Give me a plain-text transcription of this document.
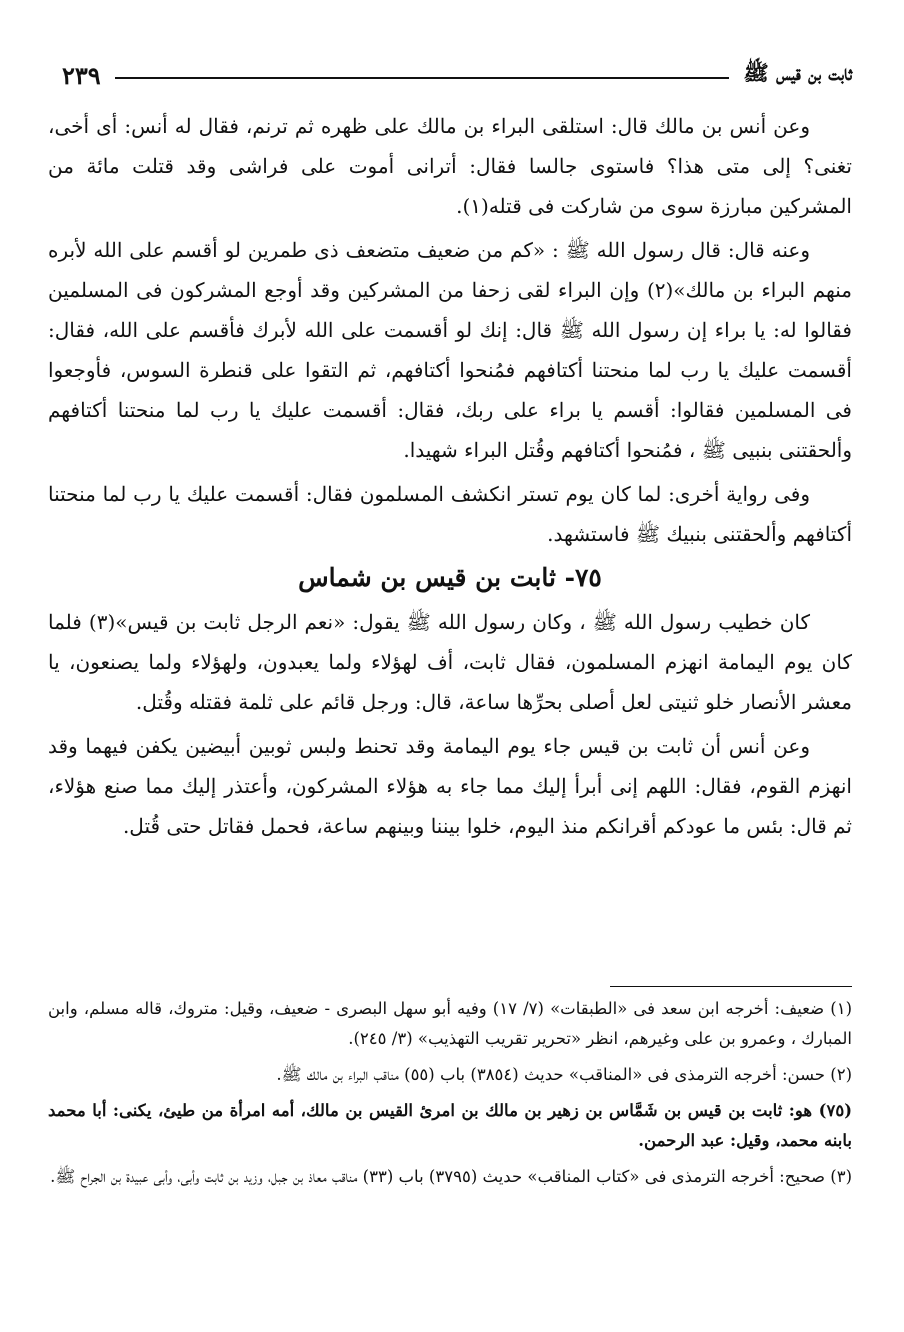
٢٣٩	ثابت بن قيس ﷺ

وعن أنس بن مالك قال: استلقى البراء بن مالك على ظهره ثم ترنم، فقال له أنس: أى أخى، تغنى؟ إلى متى هذا؟ فاستوى جالسا فقال: أترانى أموت على فراشى وقد قتلت مائة من المشركين مبارزة سوى من شاركت فى قتله(١).

وعنه قال: قال رسول الله ﷺ : «كم من ضعيف متضعف ذى طمرين لو أقسم على الله لأبره منهم البراء بن مالك»(٢) وإن البراء لقى زحفا من المشركين وقد أوجع المشركون فى المسلمين فقالوا له: يا براء إن رسول الله ﷺ قال: إنك لو أقسمت على الله لأبرك فأقسم على الله، فقال: أقسمت عليك يا رب لما منحتنا أكتافهم فمُنحوا أكتافهم، ثم التقوا على قنطرة السوس، فأوجعوا فى المسلمين فقالوا: أقسم يا براء على ربك، فقال: أقسمت عليك يا رب لما منحتنا أكتافهم وألحقتنى بنبيى ﷺ ، فمُنحوا أكتافهم وقُتل البراء شهيدا.

وفى رواية أخرى: لما كان يوم تستر انكشف المسلمون فقال: أقسمت عليك يا رب لما منحتنا أكتافهم وألحقتنى بنبيك ﷺ فاستشهد.

٧٥- ثابت بن قيس بن شماس

كان خطيب رسول الله ﷺ ، وكان رسول الله ﷺ يقول: «نعم الرجل ثابت بن قيس»(٣) فلما كان يوم اليمامة انهزم المسلمون، فقال ثابت، أف لهؤلاء ولما يعبدون، ولهؤلاء ولما يصنعون، يا معشر الأنصار خلو ثنيتى لعل أصلى بحرِّها ساعة، قال: ورجل قائم على ثلمة فقتله وقُتل.

وعن أنس أن ثابت بن قيس جاء يوم اليمامة وقد تحنط ولبس ثوبين أبيضين يكفن فيهما وقد انهزم القوم، فقال: اللهم إنى أبرأ إليك مما جاء به هؤلاء المشركون، وأعتذر إليك مما صنع هؤلاء، ثم قال: بئس ما عودكم أقرانكم منذ اليوم، خلوا بيننا وبينهم ساعة، فحمل فقاتل حتى قُتل.

(١) ضعيف: أخرجه ابن سعد فى «الطبقات» (٧/ ١٧) وفيه أبو سهل البصرى - ضعيف، وقيل: متروك، قاله مسلم، وابن المبارك ، وعمرو بن على وغيرهم، انظر «تحرير تقريب التهذيب» (٣/ ٢٤٥).

(٢) حسن: أخرجه الترمذى فى «المناقب» حديث (٣٨٥٤) باب (٥٥) مناقب البراء بن مالك ﷺ.

(٧٥) هو: ثابت بن قيس بن شَمَّاس بن زهير بن مالك بن امرئ القيس بن مالك، أمه امرأة من طيئ، يكنى: أبا محمد بابنه محمد، وقيل: عبد الرحمن.

(٣) صحيح: أخرجه الترمذى فى «كتاب المناقب» حديث (٣٧٩٥) باب (٣٣) مناقب معاذ بن جبل، وزيد بن ثابت وأبى، وأبى عبيدة بن الجراح ﷺ.
